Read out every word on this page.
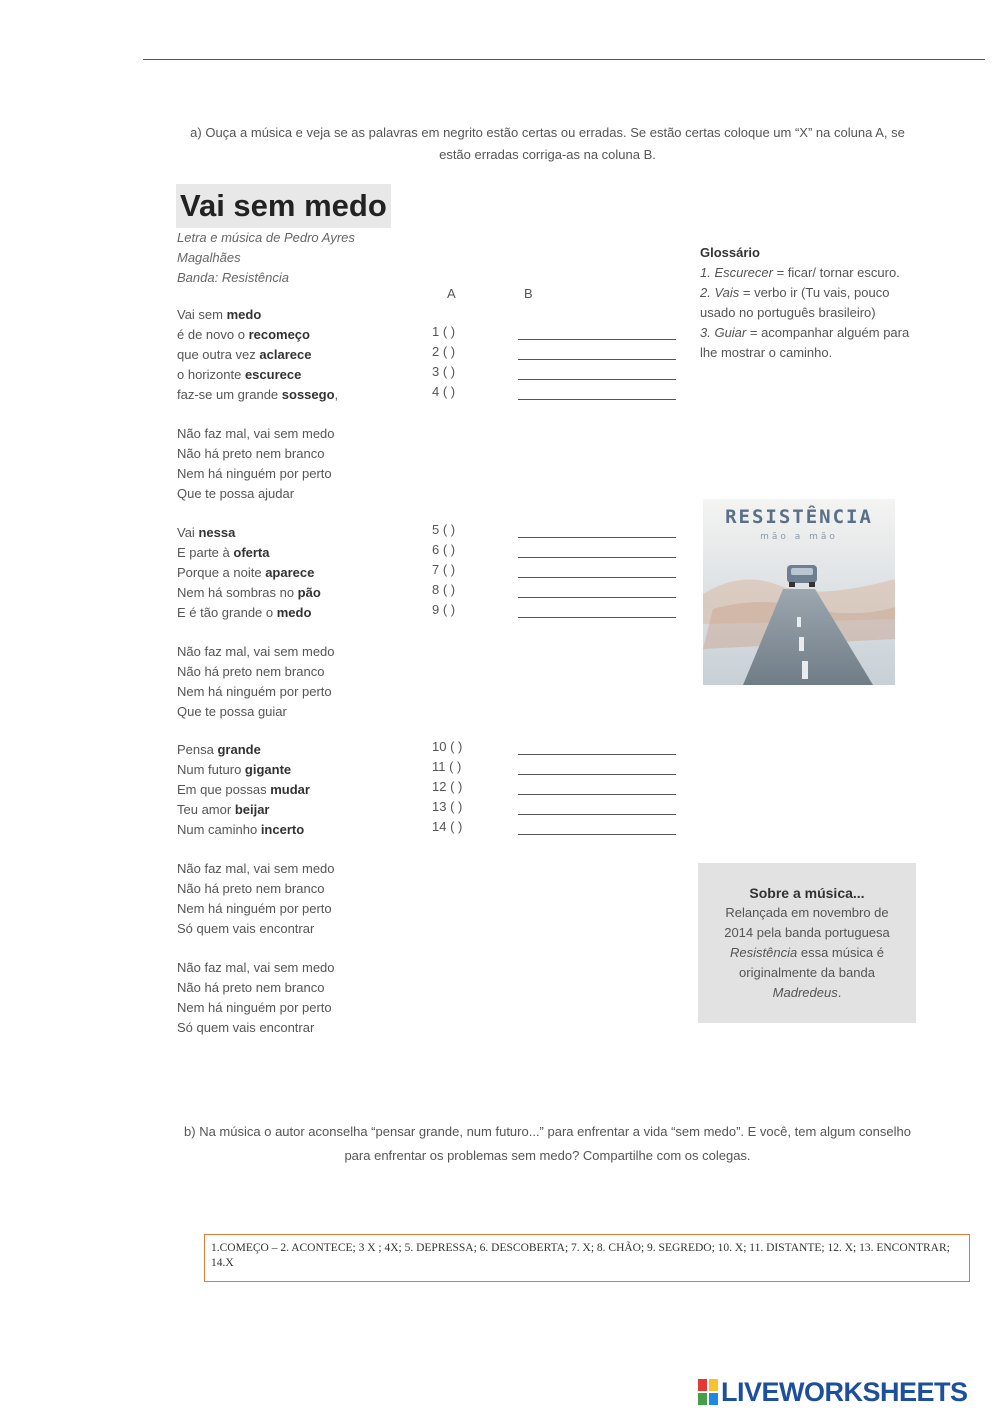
a) Ouça a música e veja se as palavras em negrito estão certas ou erradas. Se estão certas coloque um “X” na coluna A, se estão erradas corriga-as na coluna B.
Vai sem medo
Letra e música de Pedro Ayres Magalhães
Banda: Resistência
A	B
Vai sem medo
é de novo o recomeço
que outra vez aclarece
o horizonte escurece
faz-se um grande sossego,
Não faz mal, vai sem medo
Não há preto nem branco
Nem há ninguém por perto
Que te possa ajudar
Vai nessa
E parte à oferta
Porque a noite aparece
Nem há sombras no pão
E é tão grande o medo
Não faz mal, vai sem medo
Não há preto nem branco
Nem há ninguém por perto
Que te possa guiar
Pensa grande
Num futuro gigante
Em que possas mudar
Teu amor beijar
Num caminho incerto
Não faz mal, vai sem medo
Não há preto nem branco
Nem há ninguém por perto
Só quem vais encontrar
Não faz mal, vai sem medo
Não há preto nem branco
Nem há ninguém por perto
Só quem vais encontrar
1 ( )
2 ( )
3 ( )
4 ( )
5 ( )
6 ( )
7 ( )
8 ( )
9 ( )
10 ( )
11 ( )
12 ( )
13 ( )
14 ( )
Glossário
1. Escurecer = ficar/ tornar escuro.
2. Vais = verbo ir (Tu vais, pouco usado no português brasileiro)
3. Guiar = acompanhar alguém para lhe mostrar o caminho.
RESISTÊNCIA
mão a mão
Sobre a música...
Relançada em novembro de
2014 pela banda portuguesa
Resistência essa música é
originalmente da banda
Madredeus.
b) Na música o autor aconselha “pensar grande, num futuro...” para enfrentar a vida “sem medo”. E você, tem algum conselho para enfrentar os problemas sem medo? Compartilhe com os colegas.
1.COMEÇO – 2. ACONTECE; 3 X ; 4X; 5. DEPRESSA; 6. DESCOBERTA; 7. X; 8. CHÃO; 9. SEGREDO; 10. X; 11. DISTANTE; 12. X; 13. ENCONTRAR; 14.X
LIVEWORKSHEETS
